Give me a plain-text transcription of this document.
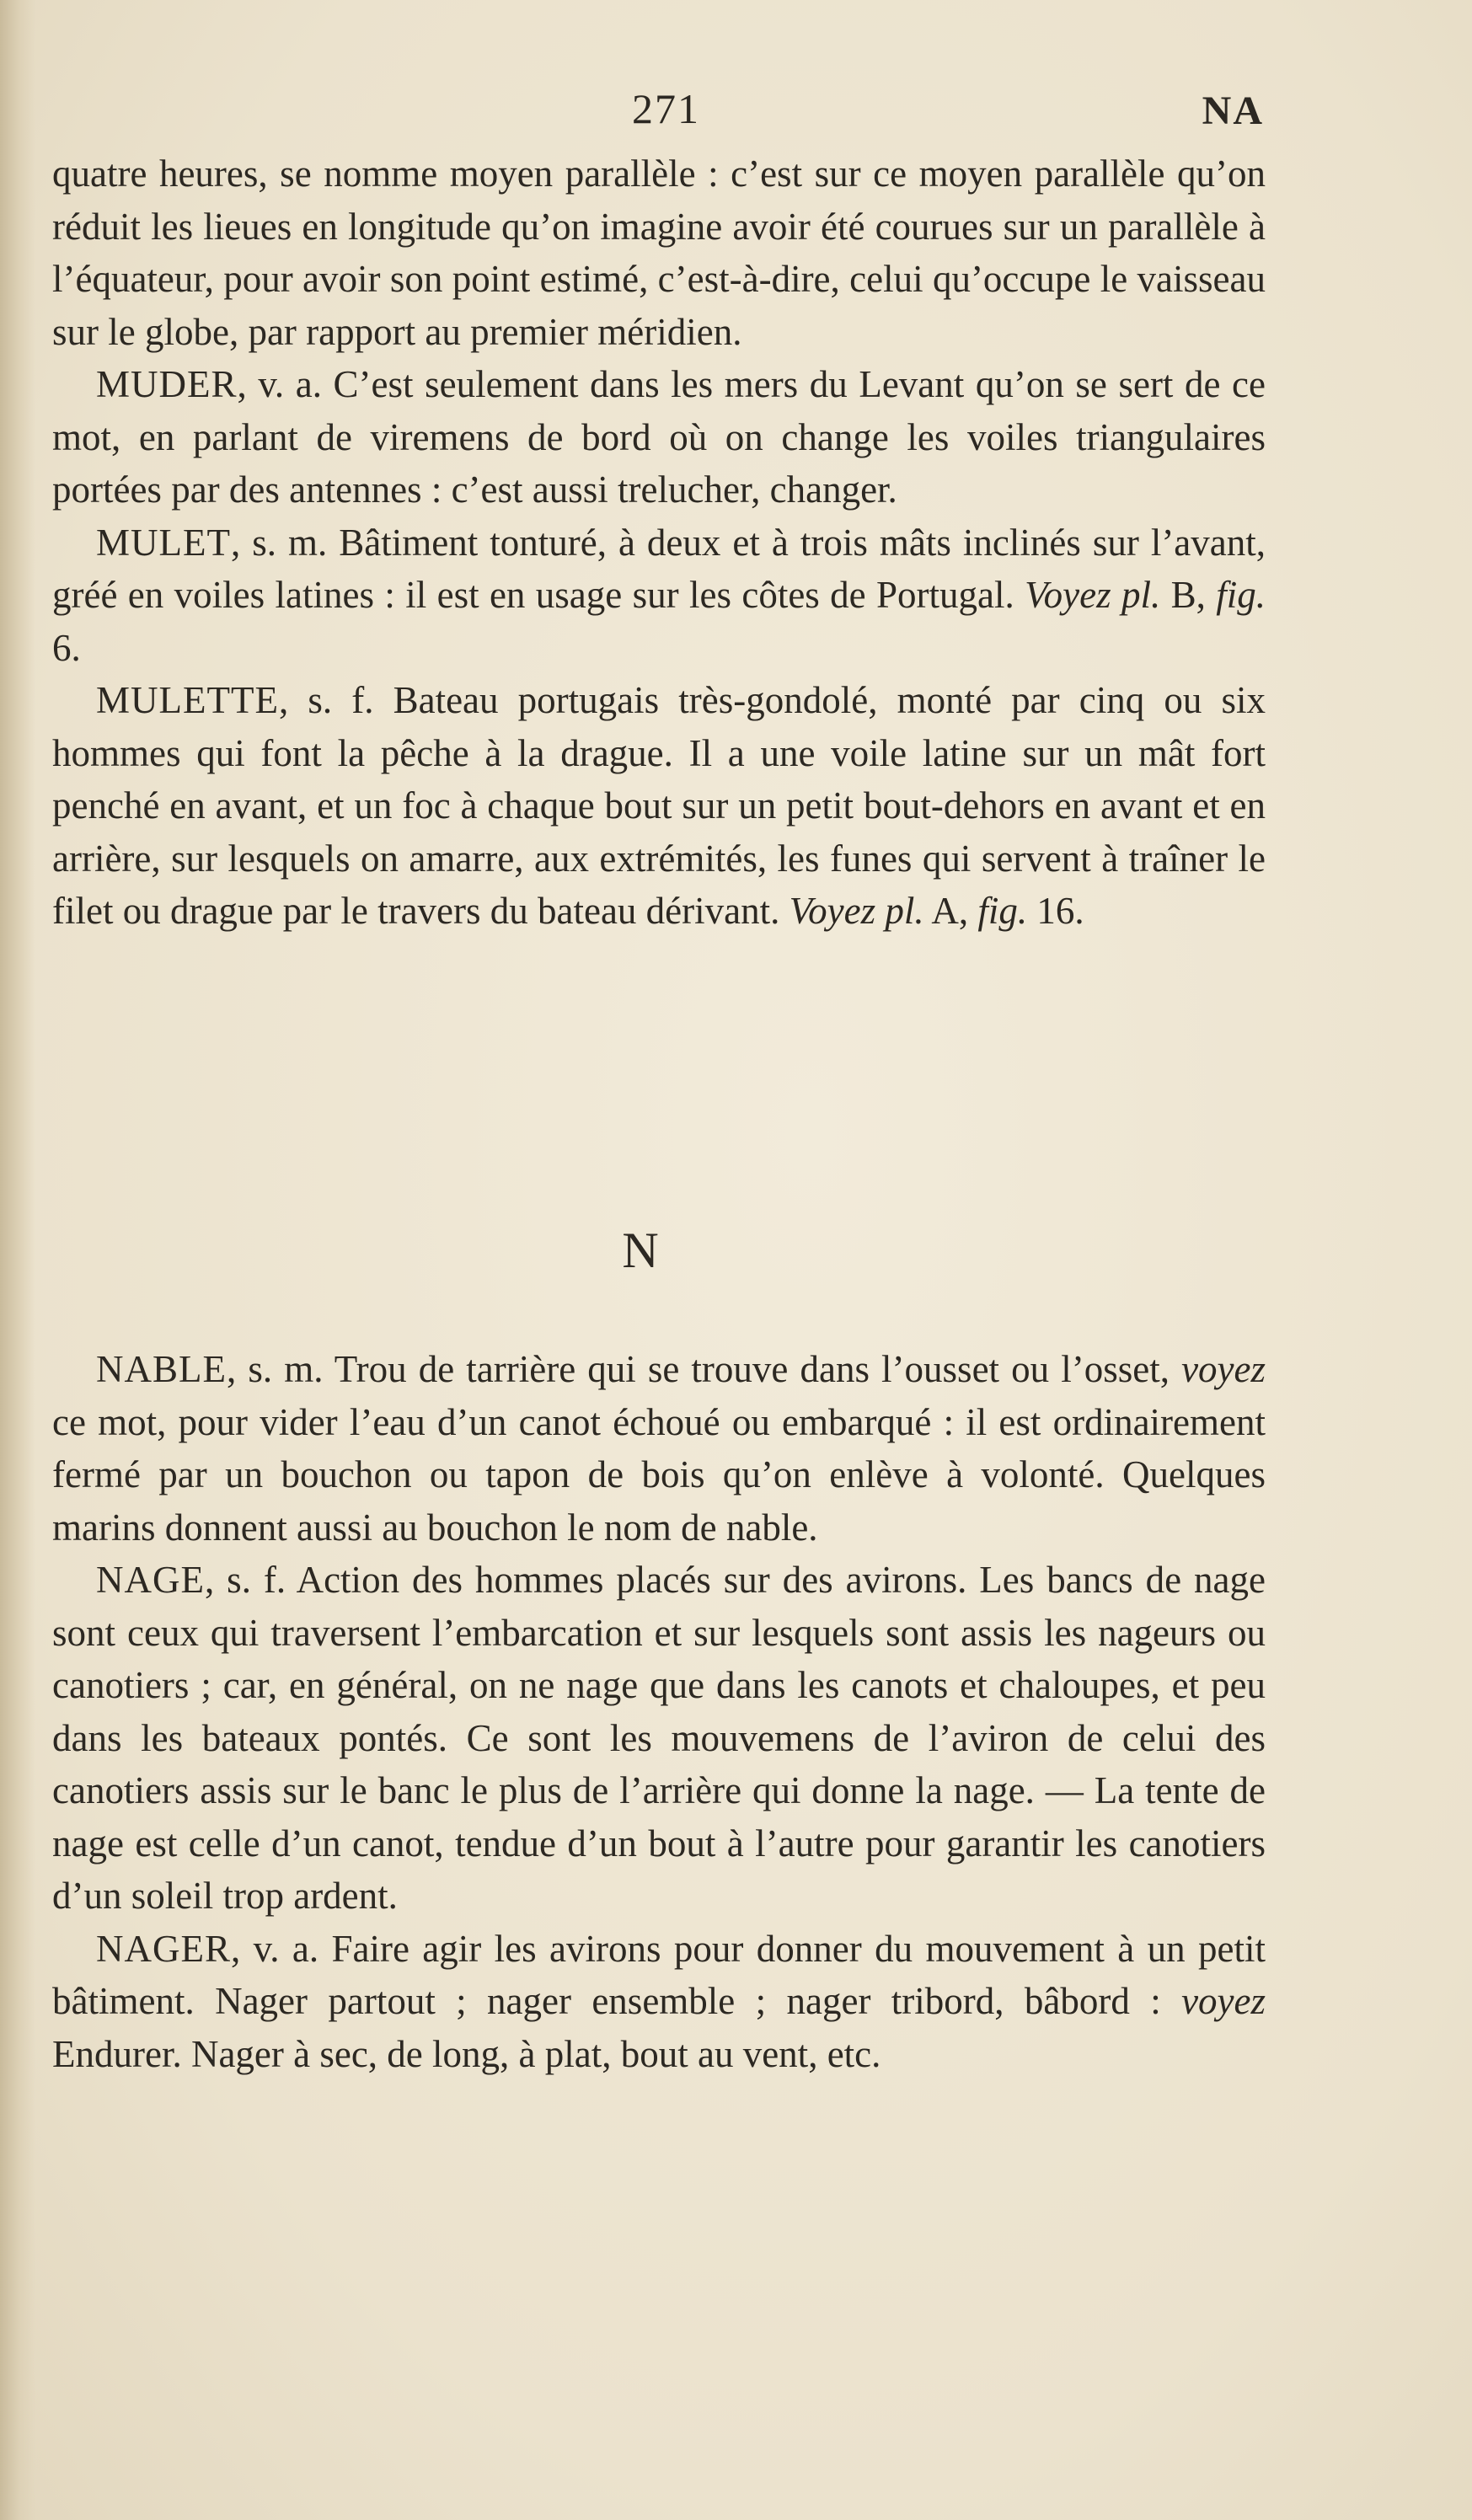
271	NA

quatre heures, se nomme moyen parallèle : c’est sur ce moyen parallèle qu’on réduit les lieues en longitude qu’on imagine avoir été courues sur un parallèle à l’équateur, pour avoir son point estimé, c’est-à-dire, celui qu’occupe le vaisseau sur le globe, par rapport au premier méridien.

MUDER, v. a. C’est seulement dans les mers du Levant qu’on se sert de ce mot, en parlant de viremens de bord où on change les voiles triangulaires portées par des antennes : c’est aussi trelucher, changer.

MULET, s. m. Bâtiment tonturé, à deux et à trois mâts inclinés sur l’avant, gréé en voiles latines : il est en usage sur les côtes de Portugal. Voyez pl. B, fig. 6.

MULETTE, s. f. Bateau portugais très-gondolé, monté par cinq ou six hommes qui font la pêche à la drague. Il a une voile latine sur un mât fort penché en avant, et un foc à chaque bout sur un petit bout-dehors en avant et en arrière, sur lesquels on amarre, aux extrémités, les funes qui servent à traîner le filet ou drague par le travers du bateau dérivant. Voyez pl. A, fig. 16.

N

NABLE, s. m. Trou de tarrière qui se trouve dans l’ousset ou l’osset, voyez ce mot, pour vider l’eau d’un canot échoué ou embarqué : il est ordinairement fermé par un bouchon ou tapon de bois qu’on enlève à volonté. Quelques marins donnent aussi au bouchon le nom de nable.

NAGE, s. f. Action des hommes placés sur des avirons. Les bancs de nage sont ceux qui traversent l’embarcation et sur lesquels sont assis les nageurs ou canotiers ; car, en général, on ne nage que dans les canots et chaloupes, et peu dans les bateaux pontés. Ce sont les mouvemens de l’aviron de celui des canotiers assis sur le banc le plus de l’arrière qui donne la nage. — La tente de nage est celle d’un canot, tendue d’un bout à l’autre pour garantir les canotiers d’un soleil trop ardent.

NAGER, v. a. Faire agir les avirons pour donner du mouvement à un petit bâtiment. Nager partout ; nager ensemble ; nager tribord, bâbord : voyez Endurer. Nager à sec, de long, à plat, bout au vent, etc.
